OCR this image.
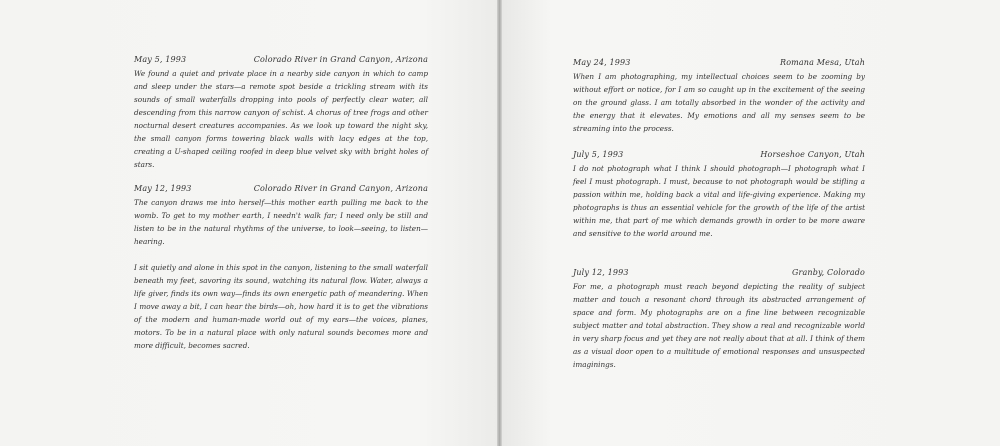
May 5, 1993	Colorado River in Grand Canyon, Arizona

We found a quiet and private place in a nearby side canyon in which to camp and sleep under the stars—a remote spot beside a trickling stream with its sounds of small waterfalls dropping into pools of perfectly clear water, all descending from this narrow canyon of schist. A chorus of tree frogs and other nocturnal desert creatures accompanies. As we look up toward the night sky, the small canyon forms towering black walls with lacy edges at the top, creating a U-shaped ceiling roofed in deep blue velvet sky with bright holes of stars.

May 12, 1993	Colorado River in Grand Canyon, Arizona

The canyon draws me into herself—this mother earth pulling me back to the womb. To get to my mother earth, I needn't walk far; I need only be still and listen to be in the natural rhythms of the universe, to look—seeing, to listen—hearing.

I sit quietly and alone in this spot in the canyon, listening to the small waterfall beneath my feet, savoring its sound, watching its natural flow. Water, always a life giver, finds its own way—finds its own energetic path of meandering. When I move away a bit, I can hear the birds—oh, how hard it is to get the vibrations of the modern and human-made world out of my ears—the voices, planes, motors. To be in a natural place with only natural sounds becomes more and more difficult, becomes sacred.

May 24, 1993	Romana Mesa, Utah

When I am photographing, my intellectual choices seem to be zooming by without effort or notice, for I am so caught up in the excitement of the seeing on the ground glass. I am totally absorbed in the wonder of the activity and the energy that it elevates. My emotions and all my senses seem to be streaming into the process.

July 5, 1993	Horseshoe Canyon, Utah

I do not photograph what I think I should photograph—I photograph what I feel I must photograph. I must, because to not photograph would be stifling a passion within me, holding back a vital and life-giving experience. Making my photographs is thus an essential vehicle for the growth of the life of the artist within me, that part of me which demands growth in order to be more aware and sensitive to the world around me.

July 12, 1993	Granby, Colorado

For me, a photograph must reach beyond depicting the reality of subject matter and touch a resonant chord through its abstracted arrangement of space and form. My photographs are on a fine line between recognizable subject matter and total abstraction. They show a real and recognizable world in very sharp focus and yet they are not really about that at all. I think of them as a visual door open to a multitude of emotional responses and unsuspected imaginings.
